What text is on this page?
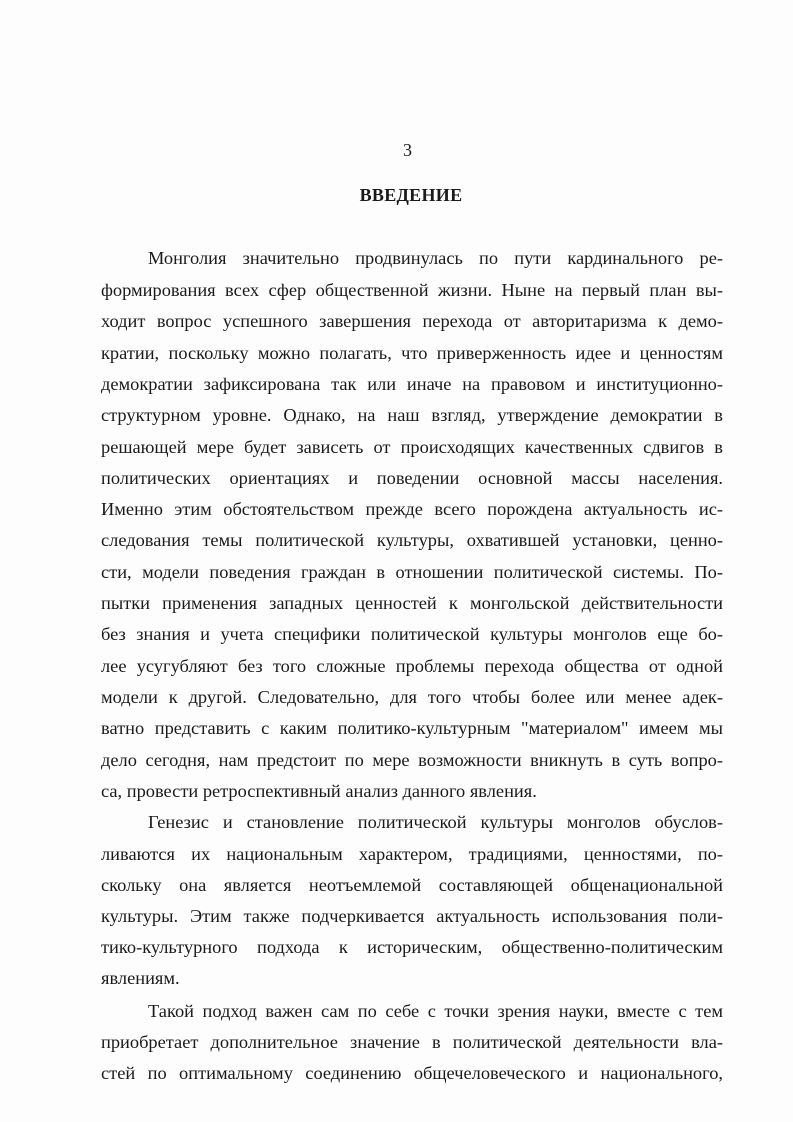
3
ВВЕДЕНИЕ
Монголия значительно продвинулась по пути кардинального ре-
формирования всех сфер общественной жизни. Ныне на первый план вы-
ходит вопрос успешного завершения перехода от авторитаризма к демо-
кратии, поскольку можно полагать, что приверженность идее и ценностям
демократии зафиксирована так или иначе на правовом и институционно-
структурном уровне. Однако, на наш взгляд, утверждение демократии в
решающей мере будет зависеть от происходящих качественных сдвигов в
политических ориентациях и поведении основной массы населения.
Именно этим обстоятельством прежде всего порождена актуальность ис-
следования темы политической культуры, охватившей установки, ценно-
сти, модели поведения граждан в отношении политической системы. По-
пытки применения западных ценностей к монгольской действительности
без знания и учета специфики политической культуры монголов еще бо-
лее усугубляют без того сложные проблемы перехода общества от одной
модели к другой. Следовательно, для того чтобы более или менее адек-
ватно представить с каким политико-культурным "материалом" имеем мы
дело сегодня, нам предстоит по мере возможности вникнуть в суть вопро-
са, провести ретроспективный анализ данного явления.
Генезис и становление политической культуры монголов обуслов-
ливаются их национальным характером, традициями, ценностями, по-
скольку она является неотъемлемой составляющей общенациональной
культуры. Этим также подчеркивается актуальность использования поли-
тико-культурного подхода к историческим, общественно-политическим
явлениям.
Такой подход важен сам по себе с точки зрения науки, вместе с тем
приобретает дополнительное значение в политической деятельности вла-
стей по оптимальному соединению общечеловеческого и национального,
